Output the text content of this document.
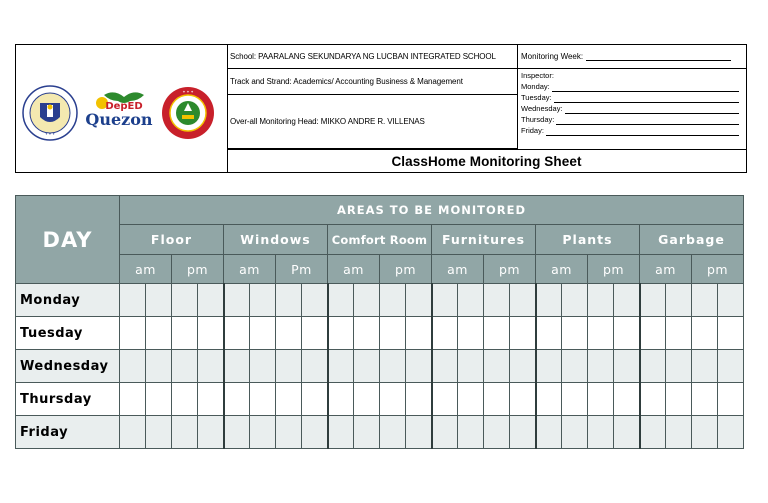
✦ ✦ ✦
DepED
Quezon
✦ ✦ ✦
School: PAARALANG SEKUNDARYA NG LUCBAN INTEGRATED SCHOOL
Track and Strand: Academics/ Accounting Business & Management
Over-all Monitoring Head: MIKKO ANDRE R. VILLENAS
Monitoring Week:
Inspector:
Monday:
Tuesday:
Wednesday:
Thursday:
Friday:
ClassHome Monitoring Sheet
DAY	AREAS TO BE MONITORED																							
	Floor				Windows				Comfort Room				Furnitures				Plants				Garbage			
	am		pm		am		Pm		am		pm		am		pm		am		pm		am		pm	
Monday																								
Tuesday																								
Wednesday																								
Thursday																								
Friday																								
